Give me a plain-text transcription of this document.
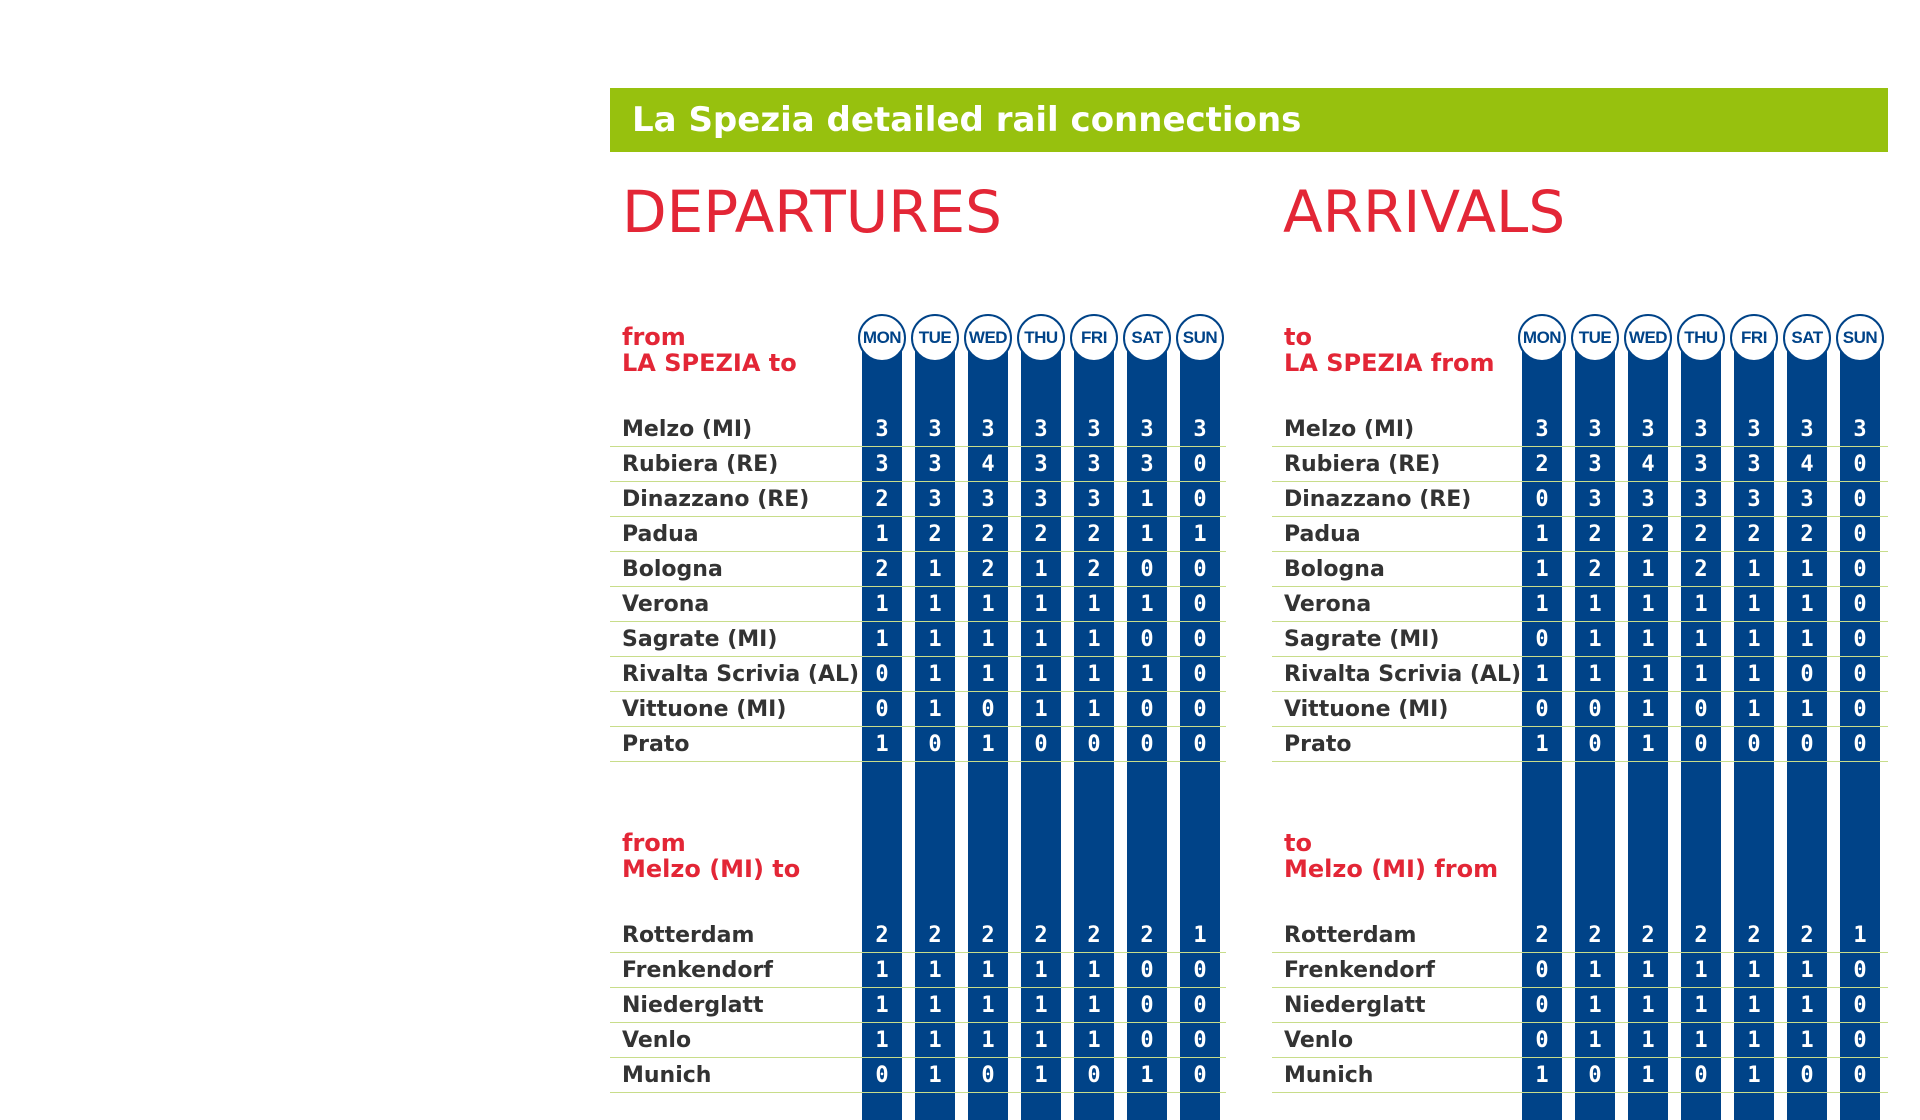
La Spezia detailed rail connections
DEPARTURES
MON	TUE	WED	THU	FRI	SAT	SUN
from
LA SPEZIA to
Melzo (MI)	3	3	3	3	3	3	3
Rubiera (RE)	3	3	4	3	3	3	0
Dinazzano (RE)	2	3	3	3	3	1	0
Padua	1	2	2	2	2	1	1
Bologna	2	1	2	1	2	0	0
Verona	1	1	1	1	1	1	0
Sagrate (MI)	1	1	1	1	1	0	0
Rivalta Scrivia (AL) 0	1	1	1	1	1	0
Vittuone (MI)	0	1	0	1	1	0	0
Prato	1	0	1	0	0	0	0
from
Melzo (MI) to
Rotterdam	2	2	2	2	2	2	1
Frenkendorf	1	1	1	1	1	0	0
Niederglatt	1	1	1	1	1	0	0
Venlo	1	1	1	1	1	0	0
Munich	0	1	0	1	0	1	0
ARRIVALS
MON	TUE	WED	THU	FRI	SAT	SUN
to
LA SPEZIA from
Melzo (MI)	3	3	3	3	3	3	3
Rubiera (RE)	2	3	4	3	3	4	0
Dinazzano (RE)	0	3	3	3	3	3	0
Padua	1	2	2	2	2	2	0
Bologna	1	2	1	2	1	1	0
Verona	1	1	1	1	1	1	0
Sagrate (MI)	0	1	1	1	1	1	0
Rivalta Scrivia (AL) 1	1	1	1	1	0	0
Vittuone (MI)	0	0	1	0	1	1	0
Prato	1	0	1	0	0	0	0
to
Melzo (MI) from
Rotterdam	2	2	2	2	2	2	1
Frenkendorf	0	1	1	1	1	1	0
Niederglatt	0	1	1	1	1	1	0
Venlo	0	1	1	1	1	1	0
Munich	1	0	1	0	1	0	0
